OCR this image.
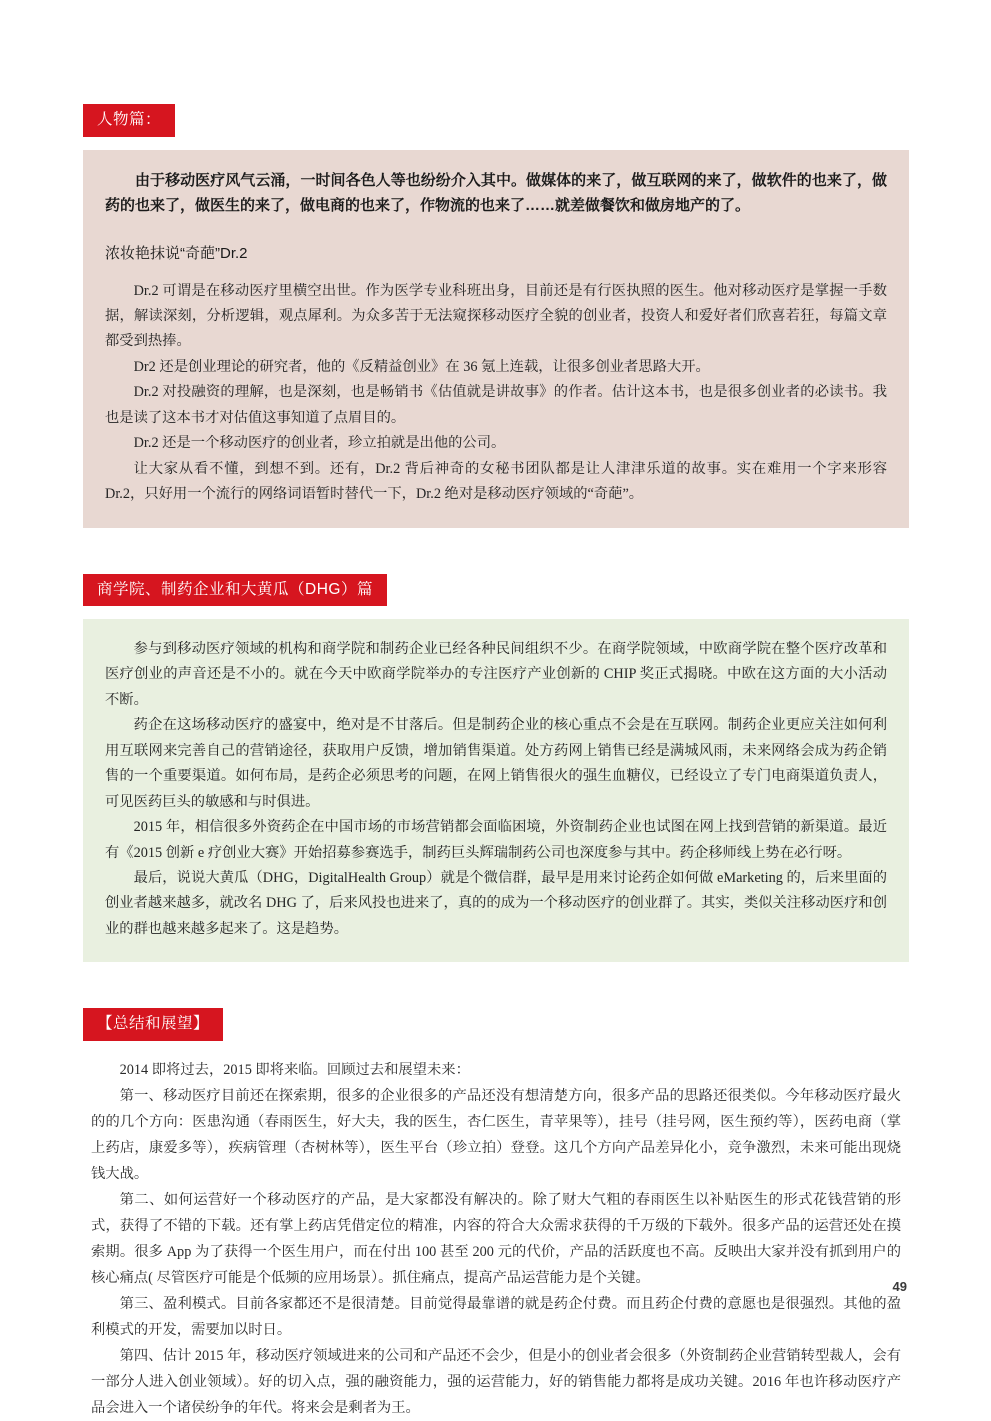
人物篇：

由于移动医疗风气云涌，一时间各色人等也纷纷介入其中。做媒体的来了，做互联网的来了，做软件的也来了，做药的也来了，做医生的来了，做电商的也来了，作物流的也来了……就差做餐饮和做房地产的了。

浓妆艳抹说“奇葩”Dr.2

Dr.2 可谓是在移动医疗里横空出世。作为医学专业科班出身，目前还是有行医执照的医生。他对移动医疗是掌握一手数据，解读深刻，分析逻辑，观点犀利。为众多苦于无法窥探移动医疗全貌的创业者，投资人和爱好者们欣喜若狂，每篇文章都受到热捧。

Dr2 还是创业理论的研究者，他的《反精益创业》在 36 氪上连载，让很多创业者思路大开。

Dr.2 对投融资的理解，也是深刻，也是畅销书《估值就是讲故事》的作者。估计这本书，也是很多创业者的必读书。我也是读了这本书才对估值这事知道了点眉目的。

Dr.2 还是一个移动医疗的创业者，珍立拍就是出他的公司。

让大家从看不懂，到想不到。还有，Dr.2 背后神奇的女秘书团队都是让人津津乐道的故事。实在难用一个字来形容 Dr.2，只好用一个流行的网络词语暂时替代一下，Dr.2 绝对是移动医疗领域的“奇葩”。

商学院、制药企业和大黄瓜（DHG）篇

参与到移动医疗领域的机构和商学院和制药企业已经各种民间组织不少。在商学院领域，中欧商学院在整个医疗改革和医疗创业的声音还是不小的。就在今天中欧商学院举办的专注医疗产业创新的 CHIP 奖正式揭晓。中欧在这方面的大小活动不断。

药企在这场移动医疗的盛宴中，绝对是不甘落后。但是制药企业的核心重点不会是在互联网。制药企业更应关注如何利用互联网来完善自己的营销途径，获取用户反馈，增加销售渠道。处方药网上销售已经是满城风雨，未来网络会成为药企销售的一个重要渠道。如何布局，是药企必须思考的问题，在网上销售很火的强生血糖仪，已经设立了专门电商渠道负责人，可见医药巨头的敏感和与时俱进。

2015 年，相信很多外资药企在中国市场的市场营销都会面临困境，外资制药企业也试图在网上找到营销的新渠道。最近有《2015 创新 e 疗创业大赛》开始招募参赛选手，制药巨头辉瑞制药公司也深度参与其中。药企移师线上势在必行呀。

最后，说说大黄瓜（DHG，DigitalHealth Group）就是个微信群，最早是用来讨论药企如何做 eMarketing 的，后来里面的创业者越来越多，就改名 DHG 了，后来风投也进来了，真的的成为一个移动医疗的创业群了。其实，类似关注移动医疗和创业的群也越来越多起来了。这是趋势。

【总结和展望】

2014 即将过去，2015 即将来临。回顾过去和展望未来：

第一、移动医疗目前还在探索期，很多的企业很多的产品还没有想清楚方向，很多产品的思路还很类似。今年移动医疗最火的的几个方向：医患沟通（春雨医生，好大夫，我的医生，杏仁医生，青苹果等），挂号（挂号网，医生预约等），医药电商（掌上药店，康爱多等），疾病管理（杏树林等），医生平台（珍立拍）登登。这几个方向产品差异化小，竞争激烈，未来可能出现烧钱大战。

第二、如何运营好一个移动医疗的产品，是大家都没有解决的。除了财大气粗的春雨医生以补贴医生的形式花钱营销的形式，获得了不错的下载。还有掌上药店凭借定位的精准，内容的符合大众需求获得的千万级的下载外。很多产品的运营还处在摸索期。很多 App 为了获得一个医生用户，而在付出 100 甚至 200 元的代价，产品的活跃度也不高。反映出大家并没有抓到用户的核心痛点( 尽管医疗可能是个低频的应用场景）。抓住痛点，提高产品运营能力是个关键。

第三、盈利模式。目前各家都还不是很清楚。目前觉得最靠谱的就是药企付费。而且药企付费的意愿也是很强烈。其他的盈利模式的开发，需要加以时日。

第四、估计 2015 年，移动医疗领域进来的公司和产品还不会少，但是小的创业者会很多（外资制药企业营销转型裁人，会有一部分人进入创业领域）。好的切入点，强的融资能力，强的运营能力，好的销售能力都将是成功关键。2016 年也许移动医疗产品会进入一个诸侯纷争的年代。将来会是剩者为王。

49
